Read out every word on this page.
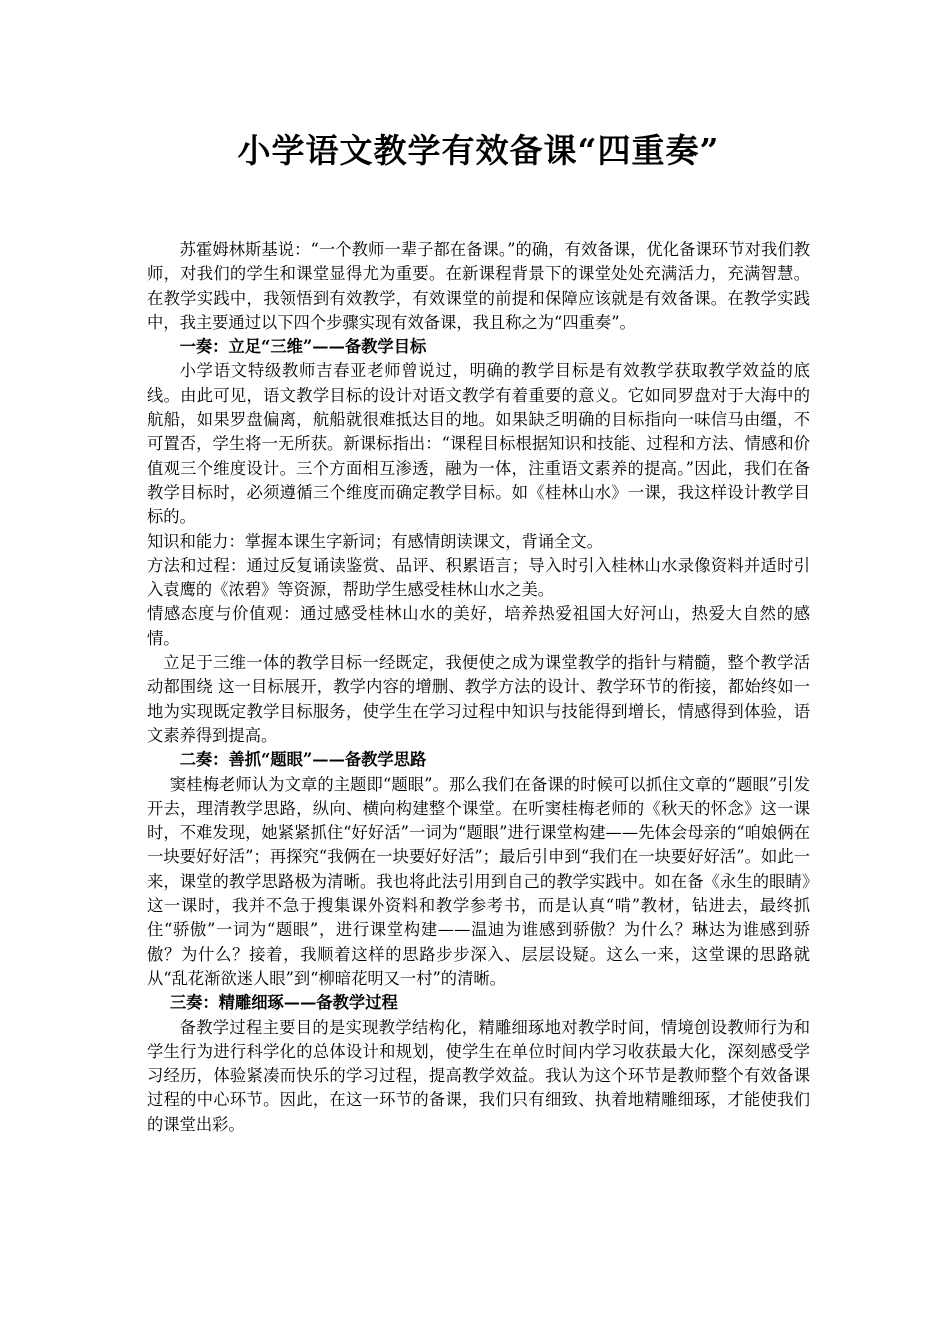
小学语文教学有效备课“四重奏”

苏霍姆林斯基说：“一个教师一辈子都在备课。”的确，有效备课，优化备课环节对我们教师，对我们的学生和课堂显得尤为重要。在新课程背景下的课堂处处充满活力，充满智慧。在教学实践中，我领悟到有效教学，有效课堂的前提和保障应该就是有效备课。在教学实践中，我主要通过以下四个步骤实现有效备课，我且称之为“四重奏”。

一奏：立足“三维”——备教学目标

小学语文特级教师吉春亚老师曾说过，明确的教学目标是有效教学获取教学效益的底线。由此可见，语文教学目标的设计对语文教学有着重要的意义。它如同罗盘对于大海中的航船，如果罗盘偏离，航船就很难抵达目的地。如果缺乏明确的目标指向一味信马由缰，不可置否，学生将一无所获。新课标指出：“课程目标根据知识和技能、过程和方法、情感和价值观三个维度设计。三个方面相互渗透，融为一体，注重语文素养的提高。”因此，我们在备教学目标时，必须遵循三个维度而确定教学目标。如《桂林山水》一课，我这样设计教学目标的。

知识和能力：掌握本课生字新词；有感情朗读课文，背诵全文。

方法和过程：通过反复诵读鉴赏、品评、积累语言；导入时引入桂林山水录像资料并适时引入袁鹰的《浓碧》等资源，帮助学生感受桂林山水之美。

情感态度与价值观：通过感受桂林山水的美好，培养热爱祖国大好河山，热爱大自然的感情。

立足于三维一体的教学目标一经既定，我便使之成为课堂教学的指针与精髓，整个教学活动都围绕 这一目标展开，教学内容的增删、教学方法的设计、教学环节的衔接，都始终如一地为实现既定教学目标服务，使学生在学习过程中知识与技能得到增长，情感得到体验，语文素养得到提高。

二奏：善抓“题眼”——备教学思路

窦桂梅老师认为文章的主题即“题眼”。那么我们在备课的时候可以抓住文章的“题眼”引发开去，理清教学思路，纵向、横向构建整个课堂。在听窦桂梅老师的《秋天的怀念》这一课时，不难发现，她紧紧抓住“好好活”一词为“题眼”进行课堂构建——先体会母亲的“咱娘俩在一块要好好活”；再探究“我俩在一块要好好活”；最后引申到“我们在一块要好好活”。如此一来，课堂的教学思路极为清晰。我也将此法引用到自己的教学实践中。如在备《永生的眼睛》这一课时，我并不急于搜集课外资料和教学参考书，而是认真“啃”教材，钻进去，最终抓住“骄傲”一词为“题眼”，进行课堂构建——温迪为谁感到骄傲？为什么？琳达为谁感到骄傲？为什么？接着，我顺着这样的思路步步深入、层层设疑。这么一来，这堂课的思路就从“乱花渐欲迷人眼”到“柳暗花明又一村”的清晰。

三奏：精雕细琢——备教学过程

备教学过程主要目的是实现教学结构化，精雕细琢地对教学时间，情境创设教师行为和学生行为进行科学化的总体设计和规划，使学生在单位时间内学习收获最大化，深刻感受学习经历，体验紧凑而快乐的学习过程，提高教学效益。我认为这个环节是教师整个有效备课过程的中心环节。因此，在这一环节的备课，我们只有细致、执着地精雕细琢，才能使我们的课堂出彩。
